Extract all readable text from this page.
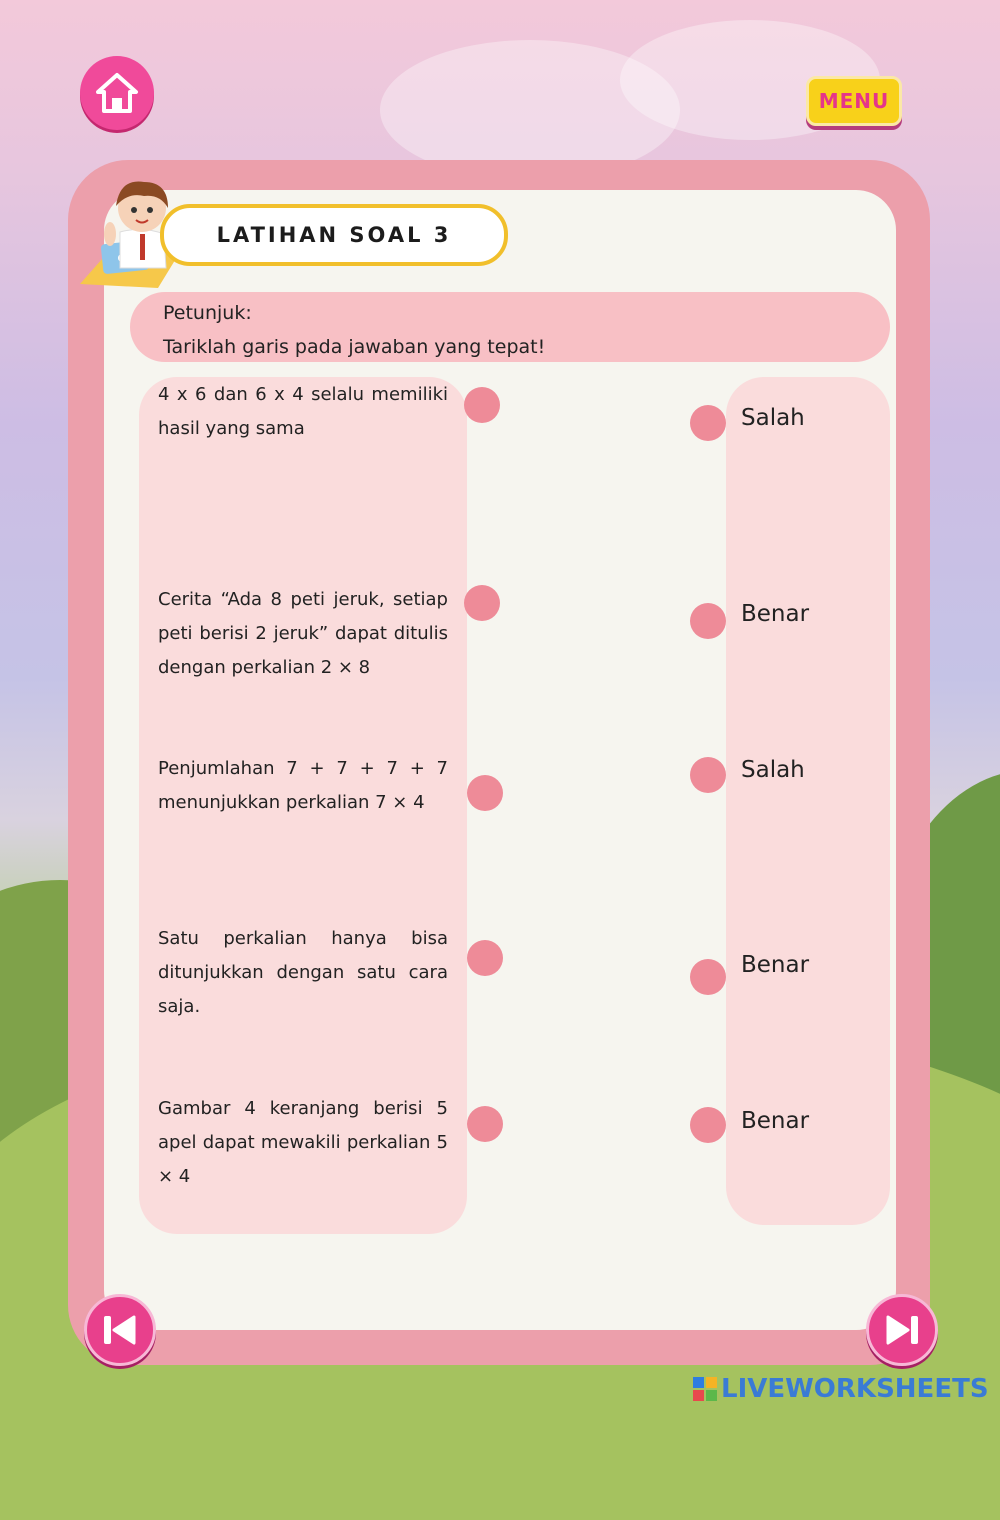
MENU
LATIHAN SOAL 3
Petunjuk:
Tariklah garis pada jawaban yang tepat!
4 x 6 dan 6 x 4 selalu memiliki hasil yang sama
Cerita “Ada 8 peti jeruk, setiap peti berisi 2 jeruk” dapat ditulis dengan perkalian 2 × 8
Penjumlahan 7 + 7 + 7 + 7 menunjukkan perkalian 7 × 4
Satu perkalian hanya bisa ditunjukkan dengan satu cara saja.
Gambar 4 keranjang berisi 5 apel dapat mewakili perkalian 5 × 4
Salah
Benar
Salah
Benar
Benar
LIVEWORKSHEETS
